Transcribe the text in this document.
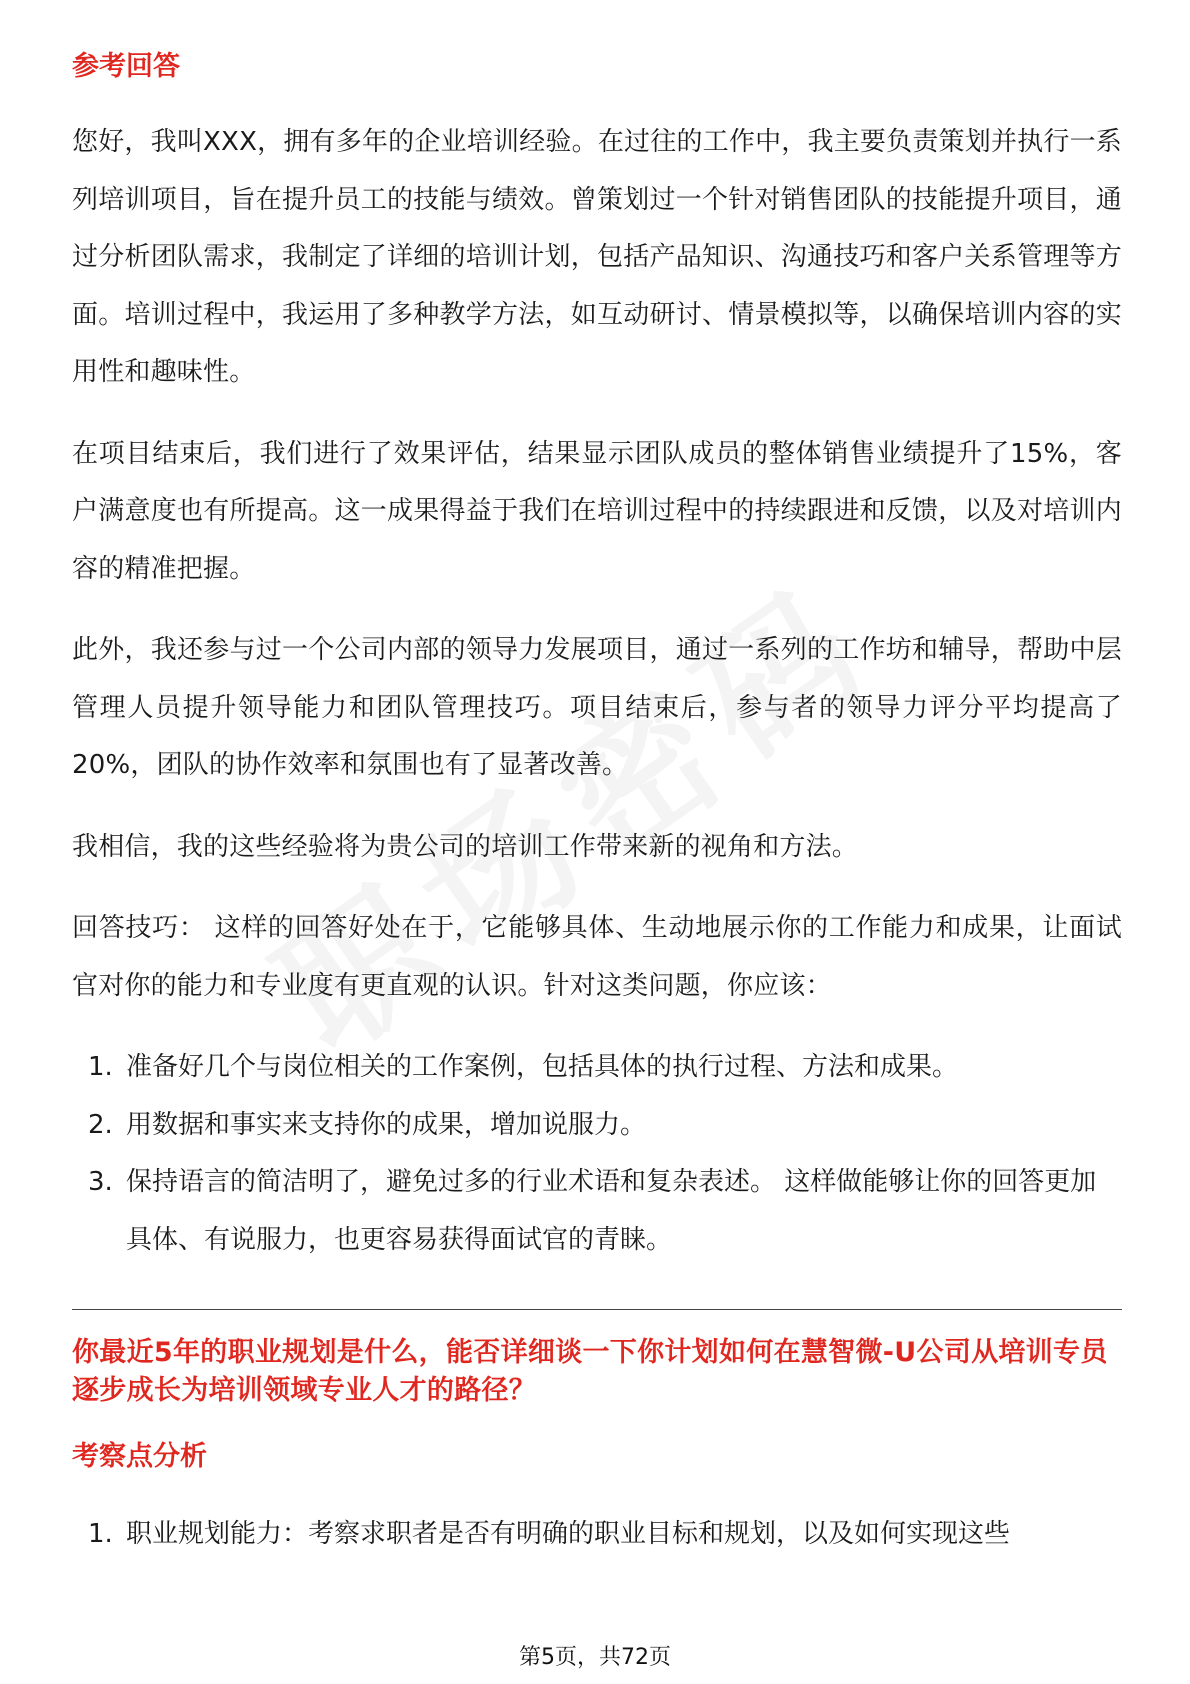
参考回答

您好，我叫XXX，拥有多年的企业培训经验。在过往的工作中，我主要负责策划并执行一系列培训项目，旨在提升员工的技能与绩效。曾策划过一个针对销售团队的技能提升项目，通过分析团队需求，我制定了详细的培训计划，包括产品知识、沟通技巧和客户关系管理等方面。培训过程中，我运用了多种教学方法，如互动研讨、情景模拟等，以确保培训内容的实用性和趣味性。

在项目结束后，我们进行了效果评估，结果显示团队成员的整体销售业绩提升了15%，客户满意度也有所提高。这一成果得益于我们在培训过程中的持续跟进和反馈，以及对培训内容的精准把握。

此外，我还参与过一个公司内部的领导力发展项目，通过一系列的工作坊和辅导，帮助中层管理人员提升领导能力和团队管理技巧。项目结束后，参与者的领导力评分平均提高了20%，团队的协作效率和氛围也有了显著改善。

我相信，我的这些经验将为贵公司的培训工作带来新的视角和方法。

回答技巧： 这样的回答好处在于，它能够具体、生动地展示你的工作能力和成果，让面试官对你的能力和专业度有更直观的认识。针对这类问题，你应该：

1. 准备好几个与岗位相关的工作案例，包括具体的执行过程、方法和成果。
2. 用数据和事实来支持你的成果，增加说服力。
3. 保持语言的简洁明了，避免过多的行业术语和复杂表述。 这样做能够让你的回答更加具体、有说服力，也更容易获得面试官的青睐。
你最近5年的职业规划是什么，能否详细谈一下你计划如何在慧智微-U公司从培训专员逐步成长为培训领域专业人才的路径？
考察点分析
1. 职业规划能力：考察求职者是否有明确的职业目标和规划，以及如何实现这些
第5页，共72页
